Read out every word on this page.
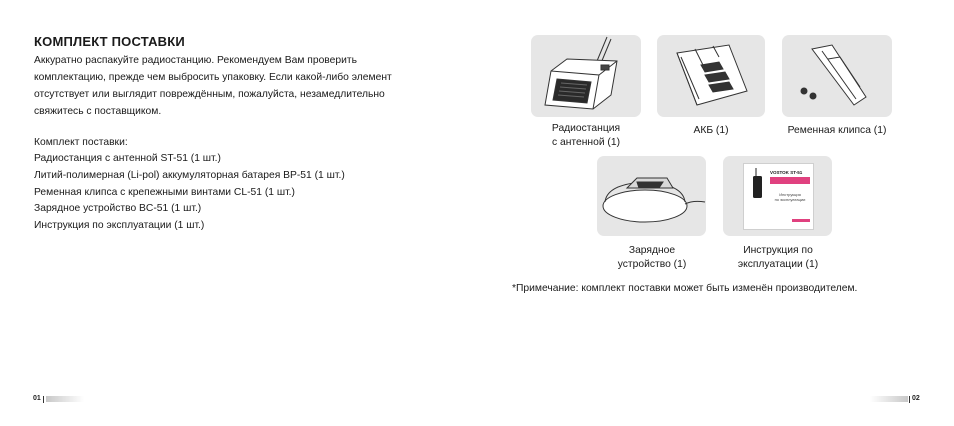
КОМПЛЕКТ ПОСТАВКИ

Аккуратно распакуйте радиостанцию. Рекомендуем Вам проверить
комплектацию, прежде чем выбросить упаковку. Если какой-либо элемент
отсутствует или выглядит повреждённым, пожалуйста, незамедлительно
свяжитесь с поставщиком.

Комплект поставки:

Радиостанция с антенной ST-51 (1 шт.)
Литий-полимерная (Li-pol) аккумуляторная батарея BP-51 (1 шт.)
Ременная клипса с крепежными винтами CL-51 (1 шт.)
Зарядное устройство BC-51 (1 шт.)
Инструкция по эксплуатации (1 шт.)
Радиостанция
с антенной (1)
АКБ (1)	Ременная клипса (1)
Зарядное
устройство (1)
VOSTOK ST-51
Инструкция
по эксплуатации
Инструкция по
эксплуатации (1)
*Примечание: комплект поставки может быть изменён производителем.
01	02
